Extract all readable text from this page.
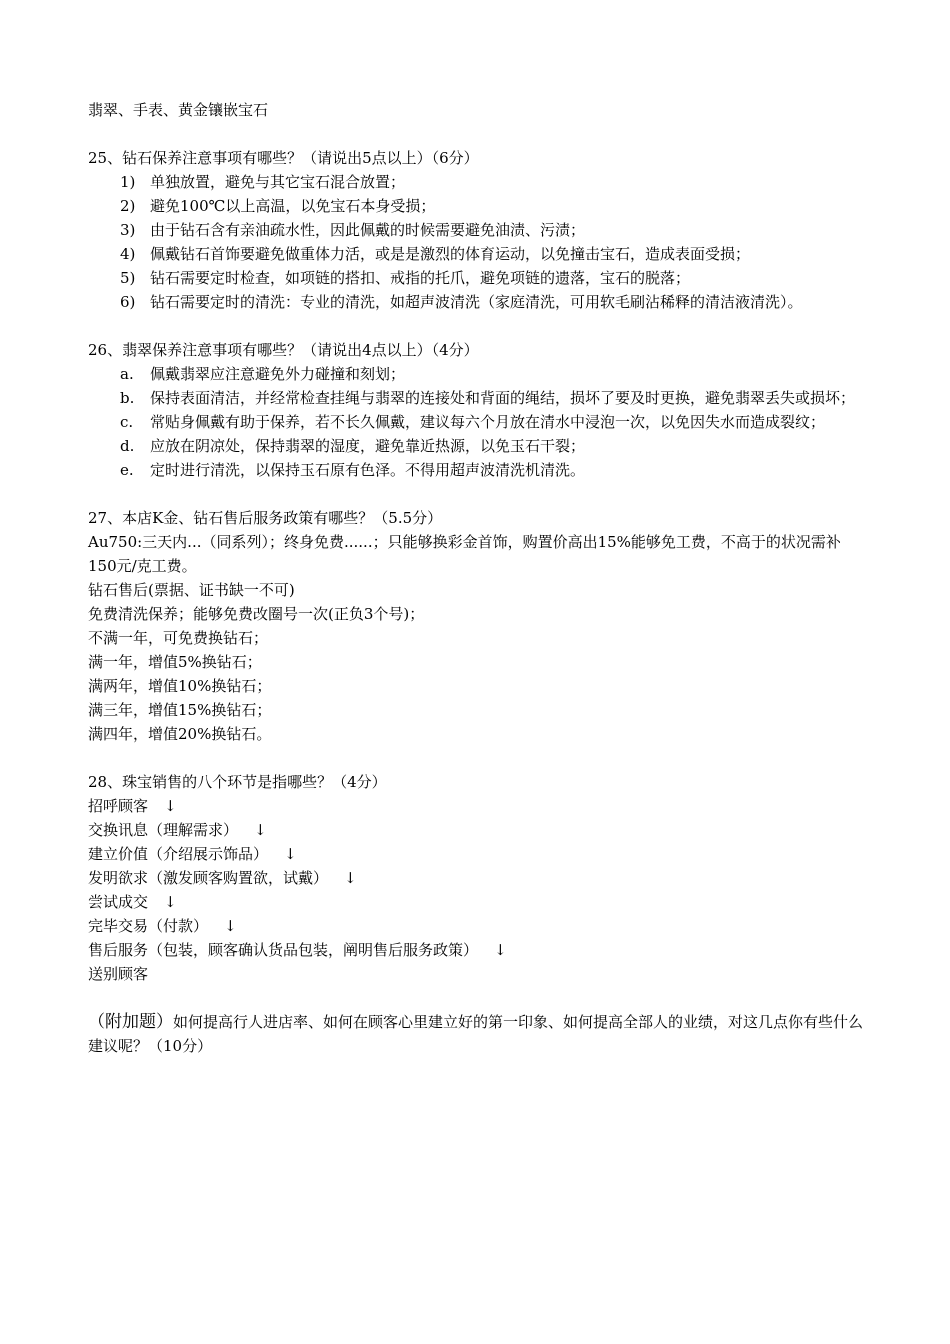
翡翠、手表、黄金镶嵌宝石
25、钻石保养注意事项有哪些？（请说出5点以上）（6分）
1) 单独放置，避免与其它宝石混合放置；
2) 避免100℃以上高温，以免宝石本身受损；
3) 由于钻石含有亲油疏水性，因此佩戴的时候需要避免油渍、污渍；
4) 佩戴钻石首饰要避免做重体力活，或是是激烈的体育运动，以免撞击宝石，造成表面受损；
5) 钻石需要定时检查，如项链的搭扣、戒指的托爪，避免项链的遗落，宝石的脱落；
6) 钻石需要定时的清洗：专业的清洗，如超声波清洗（家庭清洗，可用软毛刷沾稀释的清洁液清洗）。
26、翡翠保养注意事项有哪些？（请说出4点以上）（4分）
a.	佩戴翡翠应注意避免外力碰撞和刻划；
b.	保持表面清洁，并经常检查挂绳与翡翠的连接处和背面的绳结，损坏了要及时更换，避免翡翠丢失或损坏；
c.	常贴身佩戴有助于保养，若不长久佩戴，建议每六个月放在清水中浸泡一次，以免因失水而造成裂纹；
d.	应放在阴凉处，保持翡翠的湿度，避免靠近热源，以免玉石干裂；
e.	定时进行清洗，以保持玉石原有色泽。不得用超声波清洗机清洗。
27、本店K金、钻石售后服务政策有哪些？（5.5分）
Au750:三天内...（同系列）；终身免费......；只能够换彩金首饰，购置价高出15%能够免工费，不高于的状况需补150元/克工费。
钻石售后(票据、证书缺一不可)
免费清洗保养；能够免费改圈号一次(正负3个号)；
不满一年，可免费换钻石；
满一年，增值5%换钻石；
满两年，增值10%换钻石；
满三年，增值15%换钻石；
满四年，增值20%换钻石。
28、珠宝销售的八个环节是指哪些？（4分）
招呼顾客 ↓
交换讯息（理解需求） ↓
建立价值（介绍展示饰品） ↓
发明欲求（激发顾客购置欲，试戴） ↓
尝试成交 ↓
完毕交易（付款） ↓
售后服务（包装，顾客确认货品包装，阐明售后服务政策） ↓
送别顾客
（附加题）如何提高行人进店率、如何在顾客心里建立好的第一印象、如何提高全部人的业绩，对这几点你有些什么建议呢？（10分）
